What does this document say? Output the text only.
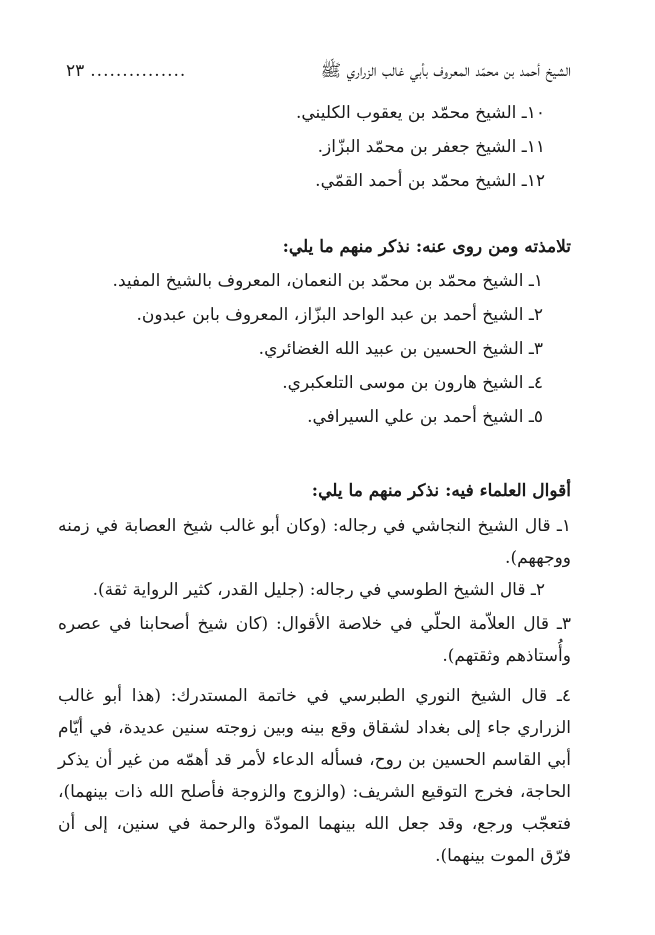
الشيخ أحمد بن محمّد المعروف بأبي غالب الزراري ﷺ
...............
٢٣
١٠ـ الشيخ محمّد بن يعقوب الكليني.
١١ـ الشيخ جعفر بن محمّد البزّاز.
١٢ـ الشيخ محمّد بن أحمد القمّي.
تلامذته ومن روى عنه: نذكر منهم ما يلي:
١ـ الشيخ محمّد بن محمّد بن النعمان، المعروف بالشيخ المفيد.
٢ـ الشيخ أحمد بن عبد الواحد البزّاز، المعروف بابن عبدون.
٣ـ الشيخ الحسين بن عبيد الله الغضائري.
٤ـ الشيخ هارون بن موسى التلعكبري.
٥ـ الشيخ أحمد بن علي السيرافي.
أقوال العلماء فيه: نذكر منهم ما يلي:

١ـ قال الشيخ النجاشي في رجاله: (وكان أبو غالب شيخ العصابة في زمنه ووجههم).

٢ـ قال الشيخ الطوسي في رجاله: (جليل القدر، كثير الرواية ثقة).

٣ـ قال العلاّمة الحلّي في خلاصة الأقوال: (كان شيخ أصحابنا في عصره وأُستاذهم وثقتهم).

٤ـ قال الشيخ النوري الطبرسي في خاتمة المستدرك: (هذا أبو غالب الزراري جاء إلى بغداد لشقاق وقع بينه وبين زوجته سنين عديدة، في أيّام أبي القاسم الحسين بن روح، فسأله الدعاء لأمر قد أهمّه من غير أن يذكر الحاجة، فخرج التوقيع الشريف: (والزوج والزوجة فأصلح الله ذات بينهما)، فتعجّب ورجع، وقد جعل الله بينهما المودّة والرحمة في سنين، إلى أن فرّق الموت بينهما).
